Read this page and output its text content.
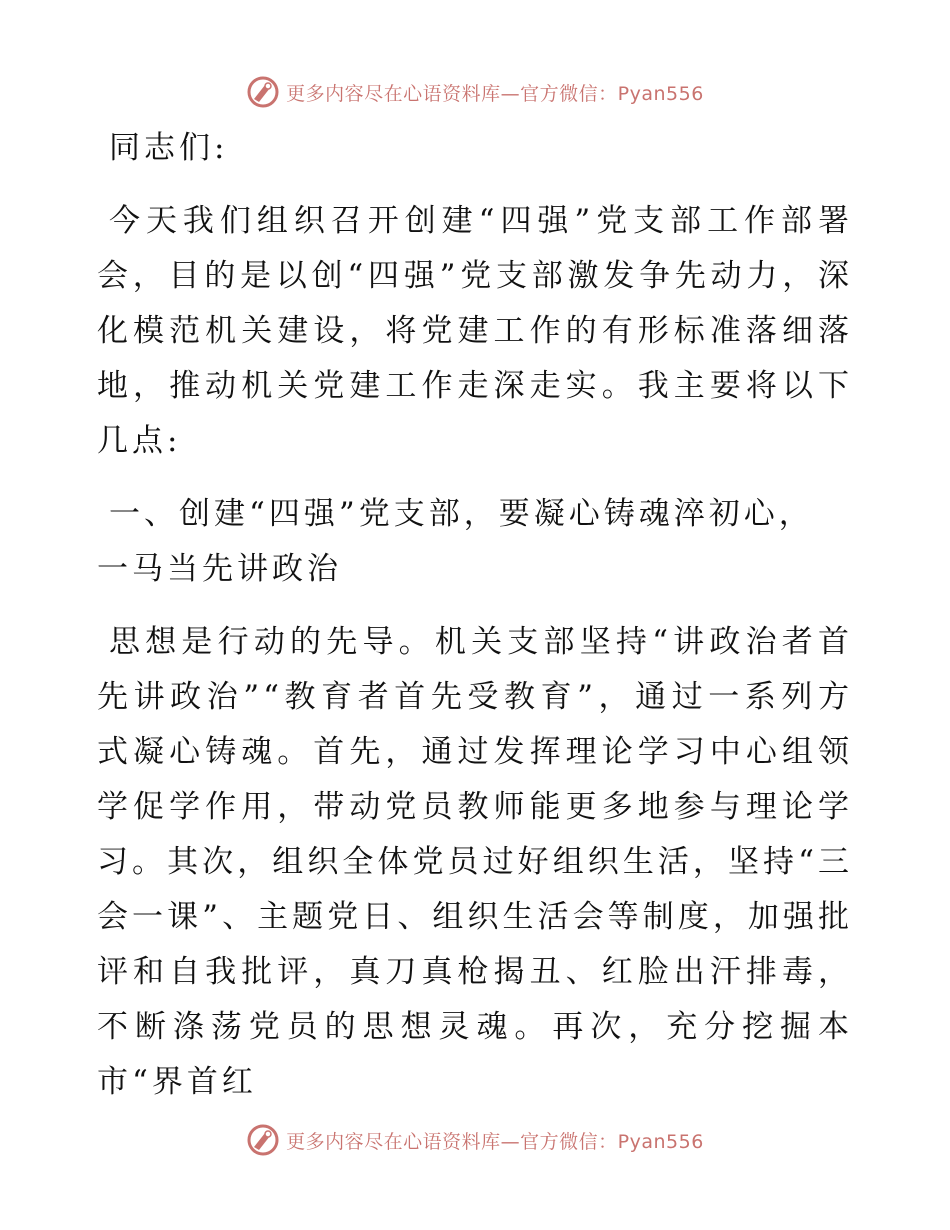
更多内容尽在心语资料库—官方微信：Pyan556

同志们:

今天我们组织召开创建“四强”党支部工作部署会，目的是以创“四强”党支部激发争先动力，深化模范机关建设，将党建工作的有形标准落细落地，推动机关党建工作走深走实。我主要将以下几点:

一、创建“四强”党支部，要凝心铸魂淬初心，

一马当先讲政治

思想是行动的先导。机关支部坚持“讲政治者首先讲政治”“教育者首先受教育”，通过一系列方式凝心铸魂。首先，通过发挥理论学习中心组领学促学作用，带动党员教师能更多地参与理论学习。其次，组织全体党员过好组织生活，坚持“三会一课”、主题党日、组织生活会等制度，加强批评和自我批评，真刀真枪揭丑、红脸出汗排毒，不断涤荡党员的思想灵魂。再次，充分挖掘本市“界首红

更多内容尽在心语资料库—官方微信：Pyan556
